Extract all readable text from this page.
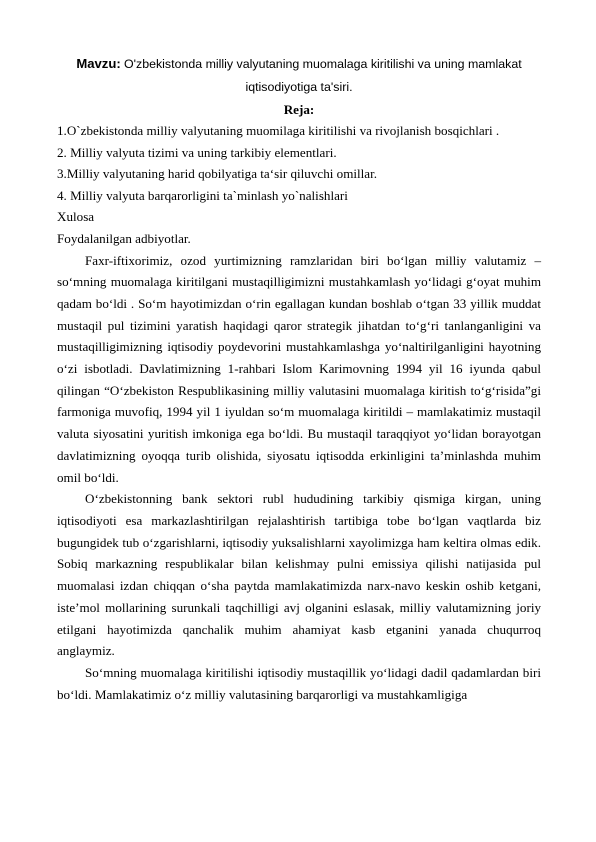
Mavzu: O'zbekistonda milliy valyutaning muomalaga kiritilishi va uning mamlakat
iqtisodiyotiga ta'siri.
Reja:
1.O`zbekistonda milliy valyutaning muomilaga kiritilishi va rivojlanish bosqichlari .
2. Milliy valyuta tizimi va uning tarkibiy elementlari.
3.Milliy valyutaning harid qobilyatiga ta‘sir qiluvchi omillar.
4. Milliy valyuta barqarorligini ta`minlash yo`nalishlari
Xulosa
Foydalanilgan adbiyotlar.

Faxr-iftixorimiz, ozod yurtimizning ramzlaridan biri bo‘lgan milliy valutamiz – so‘mning muomalaga kiritilgani mustaqilligimizni mustahkamlash yo‘lidagi g‘oyat muhim qadam bo‘ldi . So‘m hayotimizdan o‘rin egallagan kundan boshlab o‘tgan 33 yillik muddat mustaqil pul tizimini yaratish haqidagi qaror strategik jihatdan to‘g‘ri tanlanganligini va mustaqilligimizning iqtisodiy poydevorini mustahkamlashga yo‘naltirilganligini hayotning o‘zi isbotladi. Davlatimizning 1-rahbari Islom Karimovning 1994 yil 16 iyunda qabul qilingan “O‘zbekiston Respublikasining milliy valutasini muomalaga kiritish to‘g‘risida”gi farmoniga muvofiq, 1994 yil 1 iyuldan so‘m muomalaga kiritildi – mamlakatimiz mustaqil valuta siyosatini yuritish imkoniga ega bo‘ldi. Bu mustaqil taraqqiyot yo‘lidan borayotgan davlatimizning oyoqqa turib olishida, siyosatu iqtisodda erkinligini ta’minlashda muhim omil bo‘ldi.

O‘zbekistonning bank sektori rubl hududining tarkibiy qismiga kirgan, uning iqtisodiyoti esa markazlashtirilgan rejalashtirish tartibiga tobe bo‘lgan vaqtlarda biz bugungidek tub o‘zgarishlarni, iqtisodiy yuksalishlarni xayolimizga ham keltira olmas edik. Sobiq markazning respublikalar bilan kelishmay pulni emissiya qilishi natijasida pul muomalasi izdan chiqqan o‘sha paytda mamlakatimizda narx-navo keskin oshib ketgani, iste’mol mollarining surunkali taqchilligi avj olganini eslasak, milliy valutamizning joriy etilgani hayotimizda qanchalik muhim ahamiyat kasb etganini yanada chuqurroq anglaymiz.

So‘mning muomalaga kiritilishi iqtisodiy mustaqillik yo‘lidagi dadil qadamlardan biri bo‘ldi. Mamlakatimiz o‘z milliy valutasining barqarorligi va mustahkamligiga
